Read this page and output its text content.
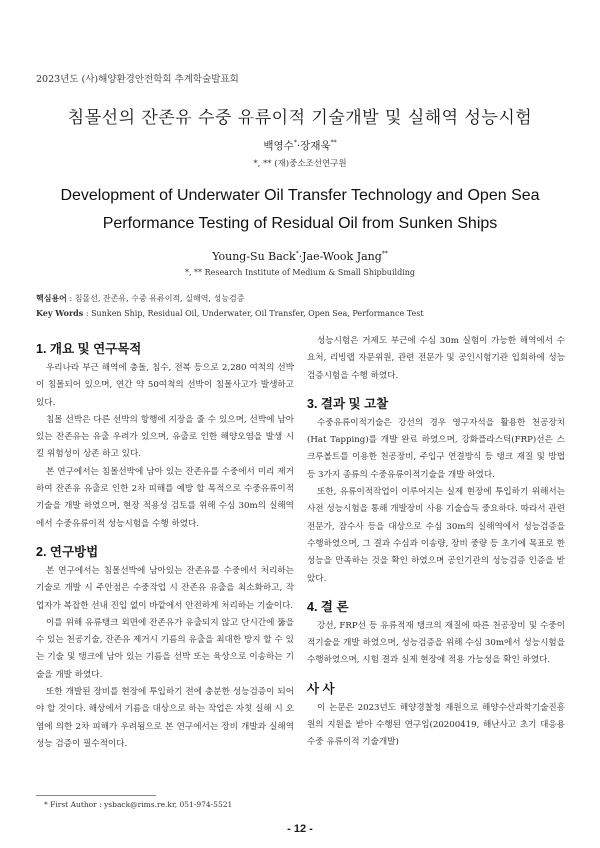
2023년도 (사)해양환경안전학회 추계학술발표회
침몰선의 잔존유 수중 유류이적 기술개발 및 실해역 성능시험
백영수*·장재욱**
*, ** (재)중소조선연구원
Development of Underwater Oil Transfer Technology and Open Sea
Performance Testing of Residual Oil from Sunken Ships
Young-Su Back*·Jae-Wook Jang**
*, ** Research Institute of Medium & Small Shipbuilding
핵심용어 : 침몰선, 잔존유, 수중 유류이적, 실해역, 성능검증
Key Words : Sunken Ship, Residual Oil, Underwater, Oil Transfer, Open Sea, Performance Test
1. 개요 및 연구목적

우리나라 부근 해역에 충돌, 침수, 전복 등으로 2,280 여척의 선박이 침몰되어 있으며, 연간 약 50여척의 선박이 침몰사고가 발생하고 있다.

침몰 선박은 다른 선박의 항행에 지장을 줄 수 있으며, 선박에 남아 있는 잔존유는 유출 우려가 있으며, 유출로 인한 해양오염을 발생 시킬 위험성이 상존 하고 있다.

본 연구에서는 침몰선박에 남아 있는 잔존유를 수중에서 미리 제거하여 잔존유 유출로 인한 2차 피해를 예방 할 목적으로 수중유류이적기술을 개발 하였으며, 현장 적용성 검토를 위해 수심 30m의 실해역에서 수중유류이적 성능시험을 수행 하였다.

2. 연구방법

본 연구에서는 침몰선박에 남아있는 잔존유를 수중에서 처리하는 기술로 개발 시 주안점은 수중작업 시 잔존유 유출을 최소화하고, 작업자가 복잡한 선내 진입 없이 바깥에서 안전하게 처리하는 기술이다.

이를 위해 유류탱크 외면에 잔존유가 유출되지 않고 단시간에 뚫을 수 있는 천공기술, 잔존유 제거시 기름의 유출을 최대한 방지 할 수 있는 기술 및 탱크에 남아 있는 기름을 선박 또는 육상으로 이송하는 기술을 개발 하였다.

또한 개발된 장비를 현장에 투입하기 전에 충분한 성능검증이 되어야 할 것이다. 해상에서 기름을 대상으로 하는 작업은 자칫 실해 시 오염에 의한 2차 피해가 우려됨으로 본 연구에서는 장비 개발과 실해역 성능 검증이 필수적이다.

성능시험은 거제도 부근에 수심 30m 실험이 가능한 해역에서 수요처, 리빙랩 자문위원, 관련 전문가 및 공인시험기관 입회하에 성능검증시험을 수행 하였다.

3. 결과 및 고찰

수중유류이적기술은 강선의 경우 영구자석을 활용한 천공장치(Hat Tapping)를 개발 완료 하였으며, 강화플라스틱(FRP)선은 스크루볼트를 이용한 천공장비, 주입구 연결방식 등 탱크 재질 및 방법 등 3가지 종류의 수중유류이적기술을 개발 하였다.

또한, 유류이적작업이 이루어지는 실제 현장에 투입하기 위해서는 사전 성능시험을 통해 개발장비 사용 기술습득 중요하다. 따라서 관련 전문가, 잠수사 등을 대상으로 수심 30m의 실해역에서 성능검증을 수행하였으며, 그 결과 수심과 이송량, 장비 중량 등 초기에 목표로 한 성능을 만족하는 것을 확인 하였으며 공인기관의 성능검증 인증을 받았다.

4. 결 론

강선, FRP선 등 유류적재 탱크의 재질에 따른 천공장비 및 수중이적기술을 개발 하였으며, 성능검증을 위해 수심 30m에서 성능시험을 수행하였으며, 시험 결과 실제 현장에 적용 가능성을 확인 하였다.

사 사

이 논문은 2023년도 해양경찰청 재원으로 해양수산과학기술진흥원의 지원을 받아 수행된 연구임(20200419, 해난사고 초기 대응용 수중 유류이적 기술개발)

* First Author : ysback@rims.re.kr, 051-974-5521
- 12 -
